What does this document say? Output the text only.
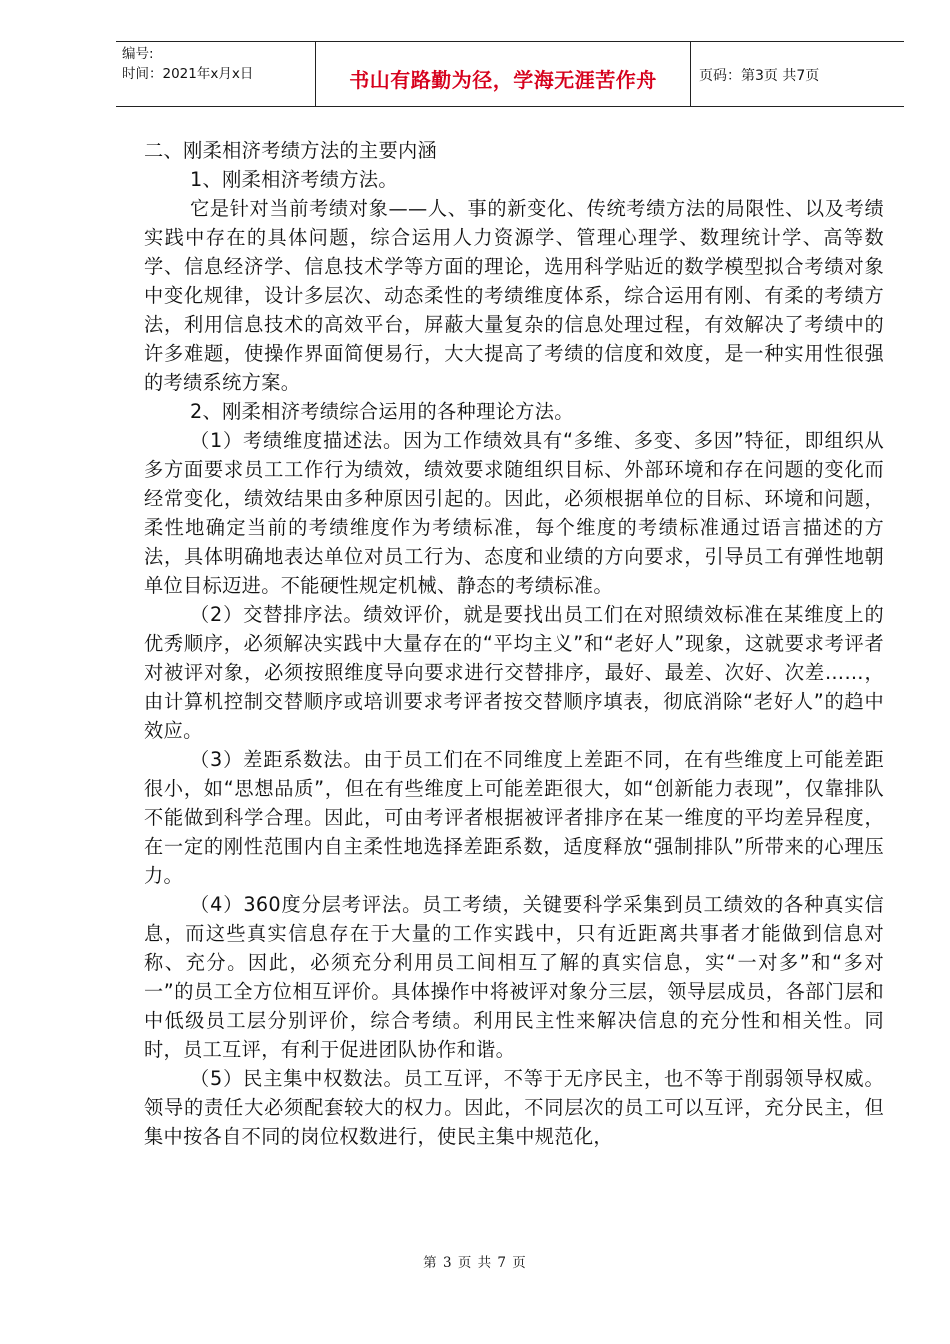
编号:
时间：2021年x月x日	书山有路勤为径，学海无涯苦作舟	页码：第3页 共7页

二、刚柔相济考绩方法的主要内涵

1、刚柔相济考绩方法。

它是针对当前考绩对象——人、事的新变化、传统考绩方法的局限性、以及考绩实践中存在的具体问题，综合运用人力资源学、管理心理学、数理统计学、高等数学、信息经济学、信息技术学等方面的理论，选用科学贴近的数学模型拟合考绩对象中变化规律，设计多层次、动态柔性的考绩维度体系，综合运用有刚、有柔的考绩方法，利用信息技术的高效平台，屏蔽大量复杂的信息处理过程，有效解决了考绩中的许多难题，使操作界面简便易行，大大提高了考绩的信度和效度，是一种实用性很强的考绩系统方案。

2、刚柔相济考绩综合运用的各种理论方法。

（1）考绩维度描述法。因为工作绩效具有“多维、多变、多因”特征，即组织从多方面要求员工工作行为绩效，绩效要求随组织目标、外部环境和存在问题的变化而经常变化，绩效结果由多种原因引起的。因此，必须根据单位的目标、环境和问题，柔性地确定当前的考绩维度作为考绩标准，每个维度的考绩标准通过语言描述的方法，具体明确地表达单位对员工行为、态度和业绩的方向要求，引导员工有弹性地朝单位目标迈进。不能硬性规定机械、静态的考绩标准。

（2）交替排序法。绩效评价，就是要找出员工们在对照绩效标准在某维度上的优秀顺序，必须解决实践中大量存在的“平均主义”和“老好人”现象，这就要求考评者对被评对象，必须按照维度导向要求进行交替排序，最好、最差、次好、次差……，由计算机控制交替顺序或培训要求考评者按交替顺序填表，彻底消除“老好人”的趋中效应。

（3）差距系数法。由于员工们在不同维度上差距不同，在有些维度上可能差距很小，如“思想品质”，但在有些维度上可能差距很大，如“创新能力表现”，仅靠排队不能做到科学合理。因此，可由考评者根据被评者排序在某一维度的平均差异程度，在一定的刚性范围内自主柔性地选择差距系数，适度释放“强制排队”所带来的心理压力。

（4）360度分层考评法。员工考绩，关键要科学采集到员工绩效的各种真实信息，而这些真实信息存在于大量的工作实践中，只有近距离共事者才能做到信息对称、充分。因此，必须充分利用员工间相互了解的真实信息，实“一对多”和“多对一”的员工全方位相互评价。具体操作中将被评对象分三层，领导层成员，各部门层和中低级员工层分别评价，综合考绩。利用民主性来解决信息的充分性和相关性。同时，员工互评，有利于促进团队协作和谐。

（5）民主集中权数法。员工互评，不等于无序民主，也不等于削弱领导权威。领导的责任大必须配套较大的权力。因此，不同层次的员工可以互评，充分民主，但集中按各自不同的岗位权数进行，使民主集中规范化，

第 3 页 共 7 页
